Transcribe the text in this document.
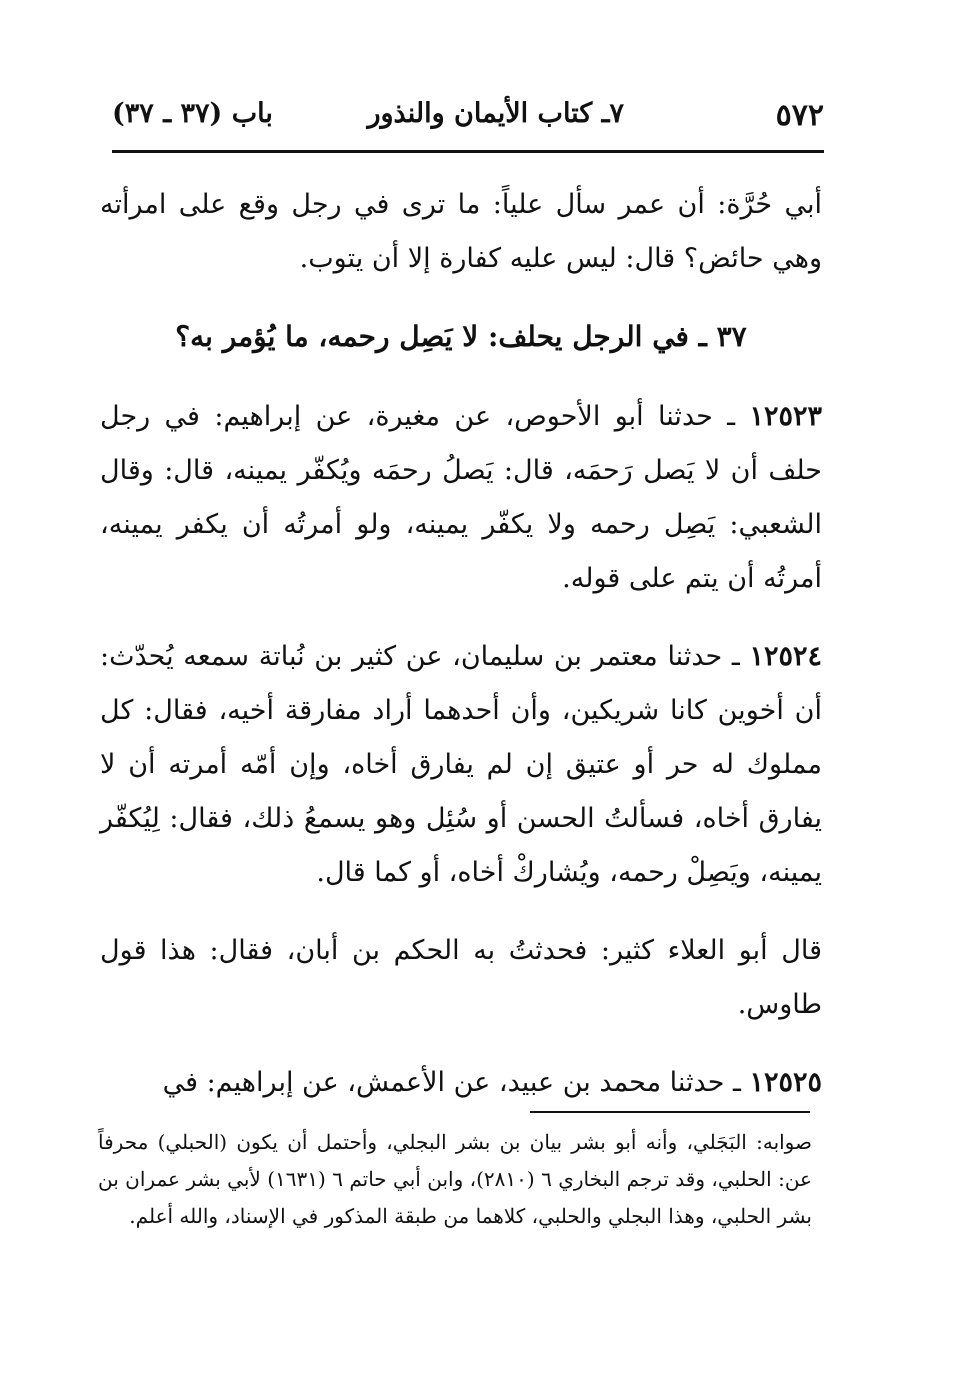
٥٧٢
٧ـ كتاب الأيمان والنذور
باب (٣٧ ـ ٣٧)

أبي حُرَّة: أن عمر سأل علياً: ما ترى في رجل وقع على امرأته وهي حائض؟ قال: ليس عليه كفارة إلا أن يتوب.

٣٧ ـ في الرجل يحلف: لا يَصِل رحمه، ما يُؤمر به؟

١٢٥٢٣ ـ حدثنا أبو الأحوص، عن مغيرة، عن إبراهيم: في رجل حلف أن لا يَصل رَحمَه، قال: يَصلُ رحمَه ويُكفّر يمينه، قال: وقال الشعبي: يَصِل رحمه ولا يكفّر يمينه، ولو أمرتُه أن يكفر يمينه، أمرتُه أن يتم على قوله.

١٢٥٢٤ ـ حدثنا معتمر بن سليمان، عن كثير بن نُباتة سمعه يُحدّث: أن أخوين كانا شريكين، وأن أحدهما أراد مفارقة أخيه، فقال: كل مملوك له حر أو عتيق إن لم يفارق أخاه، وإن أمّه أمرته أن لا يفارق أخاه، فسألتُ الحسن أو سُئِل وهو يسمعُ ذلك، فقال: لِيُكفّر يمينه، ويَصِلْ رحمه، ويُشاركْ أخاه، أو كما قال.

قال أبو العلاء كثير: فحدثتُ به الحكم بن أبان، فقال: هذا قول طاوس.

١٢٥٢٥ ـ حدثنا محمد بن عبيد، عن الأعمش، عن إبراهيم: في

صوابه: البَجَلي، وأنه أبو بشر بيان بن بشر البجلي، وأحتمل أن يكون (الحبلي) محرفاً عن: الحلبي، وقد ترجم البخاري ٦ (٢٨١٠)، وابن أبي حاتم ٦ (١٦٣١) لأبي بشر عمران بن بشر الحلبي، وهذا البجلي والحلبي، كلاهما من طبقة المذكور في الإسناد، والله أعلم.
